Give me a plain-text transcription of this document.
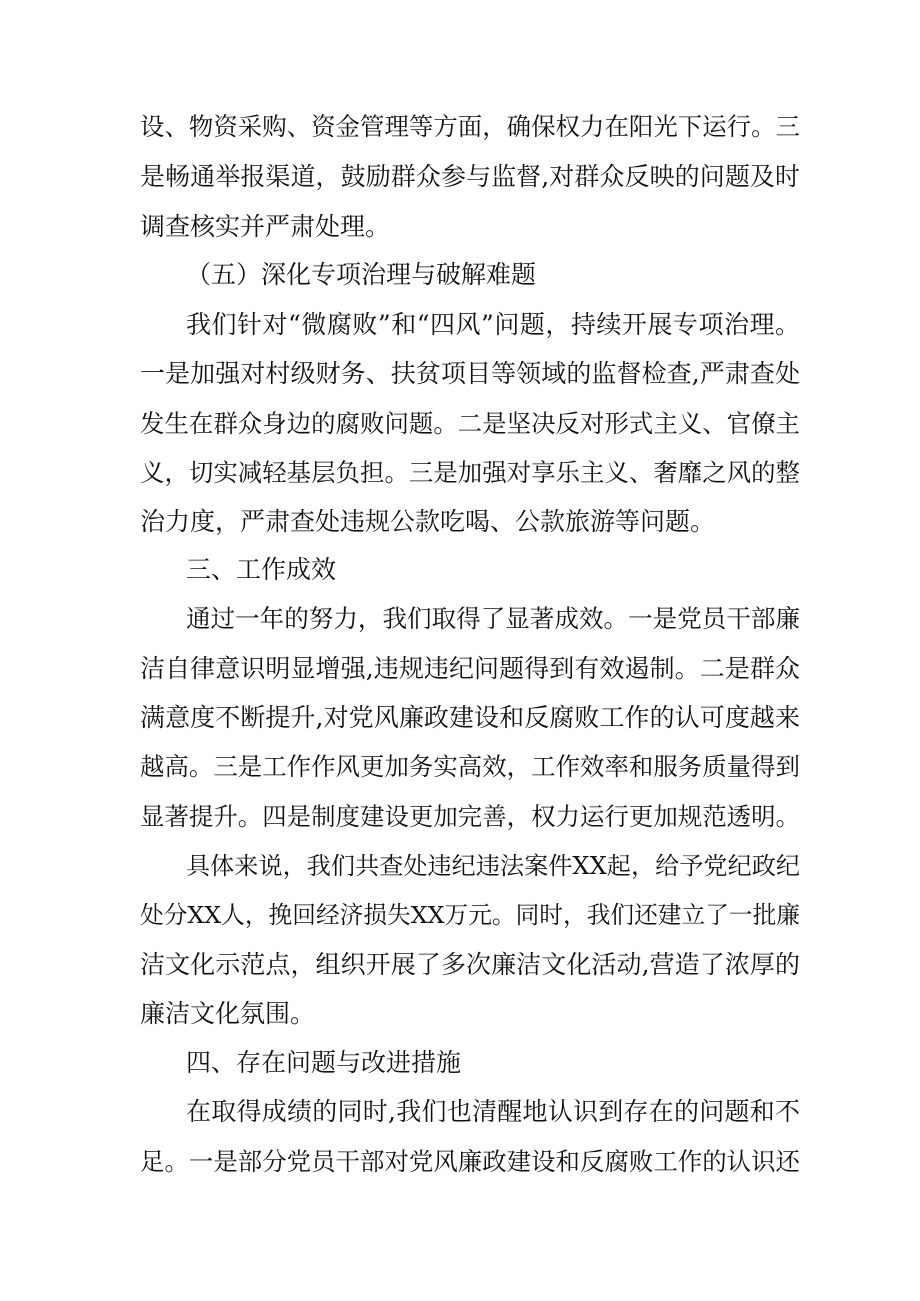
设、物资采购、资金管理等方面，确保权力在阳光下运行。三
是畅通举报渠道，鼓励群众参与监督,对群众反映的问题及时
调查核实并严肃处理。
（五）深化专项治理与破解难题
我们针对“微腐败”和“四风”问题，持续开展专项治理。
一是加强对村级财务、扶贫项目等领域的监督检查,严肃查处
发生在群众身边的腐败问题。二是坚决反对形式主义、官僚主
义，切实减轻基层负担。三是加强对享乐主义、奢靡之风的整
治力度，严肃查处违规公款吃喝、公款旅游等问题。
三、工作成效
通过一年的努力，我们取得了显著成效。一是党员干部廉
洁自律意识明显增强,违规违纪问题得到有效遏制。二是群众
满意度不断提升,对党风廉政建设和反腐败工作的认可度越来
越高。三是工作作风更加务实高效，工作效率和服务质量得到
显著提升。四是制度建设更加完善，权力运行更加规范透明。
具体来说，我们共查处违纪违法案件XX起，给予党纪政纪
处分XX人，挽回经济损失XX万元。同时，我们还建立了一批廉
洁文化示范点，组织开展了多次廉洁文化活动,营造了浓厚的
廉洁文化氛围。
四、存在问题与改进措施
在取得成绩的同时,我们也清醒地认识到存在的问题和不
足。一是部分党员干部对党风廉政建设和反腐败工作的认识还
